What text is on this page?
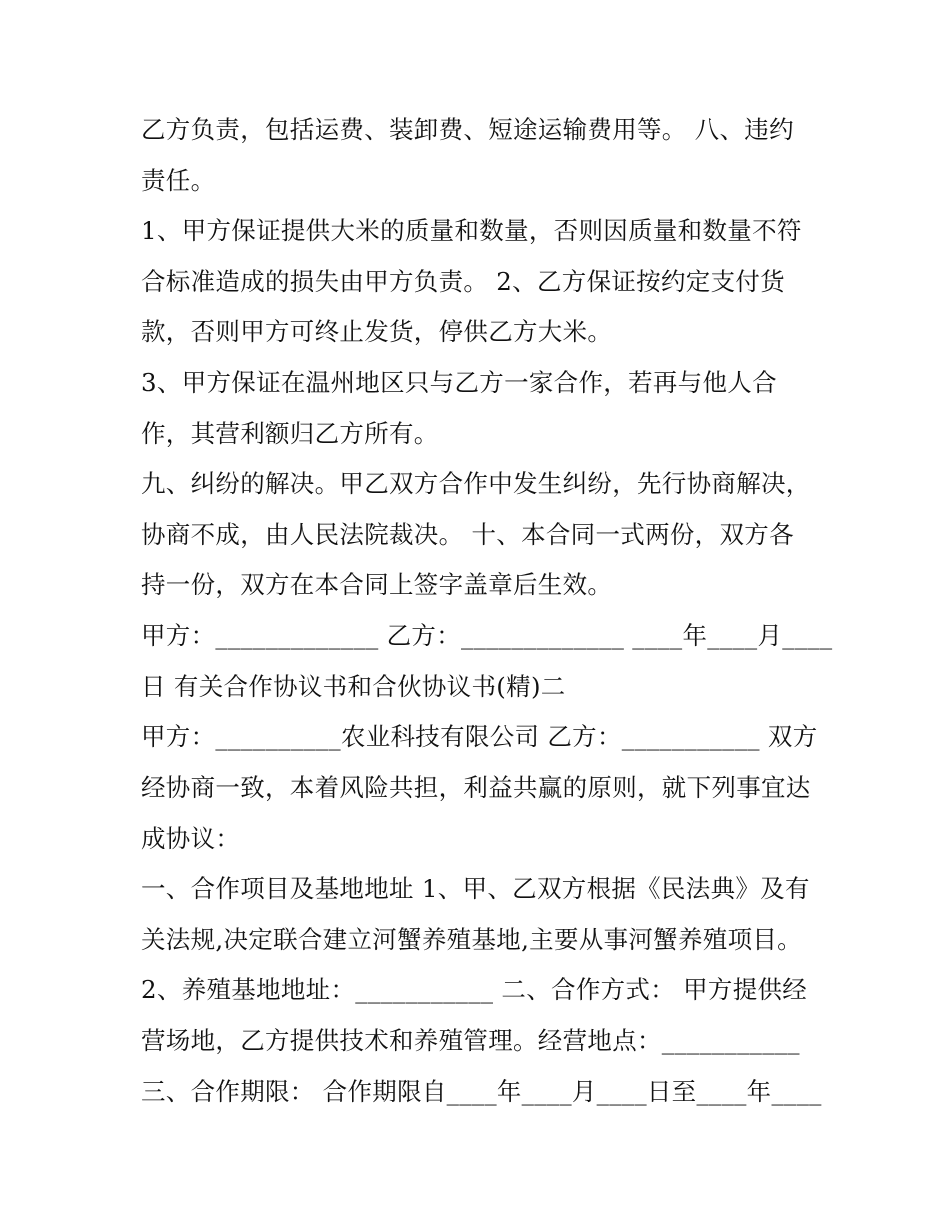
乙方负责，包括运费、装卸费、短途运输费用等。 八、违约

责任。

1、甲方保证提供大米的质量和数量，否则因质量和数量不符

合标准造成的损失由甲方负责。 2、乙方保证按约定支付货

款，否则甲方可终止发货，停供乙方大米。

3、甲方保证在温州地区只与乙方一家合作，若再与他人合

作，其营利额归乙方所有。

九、纠纷的解决。甲乙双方合作中发生纠纷，先行协商解决，

协商不成，由人民法院裁决。 十、本合同一式两份，双方各

持一份，双方在本合同上签字盖章后生效。

甲方：_____________ 乙方：_____________ ____年____月____

日 有关合作协议书和合伙协议书(精)二

甲方：__________农业科技有限公司 乙方：___________ 双方

经协商一致，本着风险共担，利益共赢的原则，就下列事宜达

成协议：

一、合作项目及基地地址 1、甲、乙双方根据《民法典》及有

关法规,决定联合建立河蟹养殖基地,主要从事河蟹养殖项目。

2、养殖基地地址：___________ 二、合作方式： 甲方提供经

营场地，乙方提供技术和养殖管理。经营地点：___________

三、合作期限： 合作期限自____年____月____日至____年____
